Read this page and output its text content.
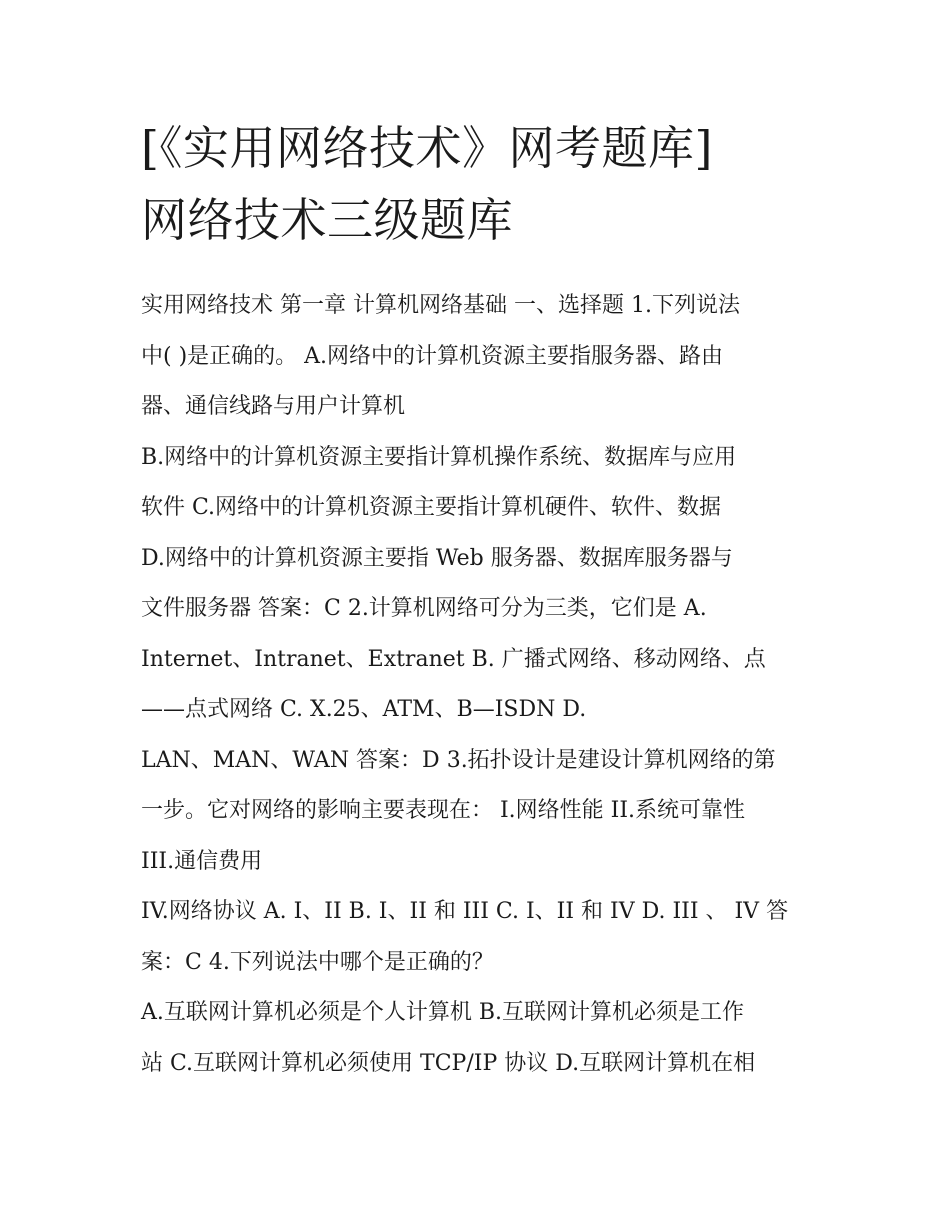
[《实用网络技术》网考题库]
网络技术三级题库

实用网络技术 第一章 计算机网络基础 一、选择题 1.下列说法
中( )是正确的。 A.网络中的计算机资源主要指服务器、路由
器、通信线路与用户计算机

B.网络中的计算机资源主要指计算机操作系统、数据库与应用
软件 C.网络中的计算机资源主要指计算机硬件、软件、数据
D.网络中的计算机资源主要指 Web 服务器、数据库服务器与
文件服务器 答案：C 2.计算机网络可分为三类，它们是 A.
Internet、Intranet、Extranet B. 广播式网络、移动网络、点
——点式网络 C. X.25、ATM、B—ISDN D.

LAN、MAN、WAN 答案：D 3.拓扑设计是建设计算机网络的第
一步。它对网络的影响主要表现在： I.网络性能 II.系统可靠性
III.通信费用

IV.网络协议 A. I、II B. I、II 和 III C. I、II 和 IV D. III 、 IV 答
案：C 4.下列说法中哪个是正确的？

A.互联网计算机必须是个人计算机 B.互联网计算机必须是工作
站 C.互联网计算机必须使用 TCP/IP 协议 D.互联网计算机在相
